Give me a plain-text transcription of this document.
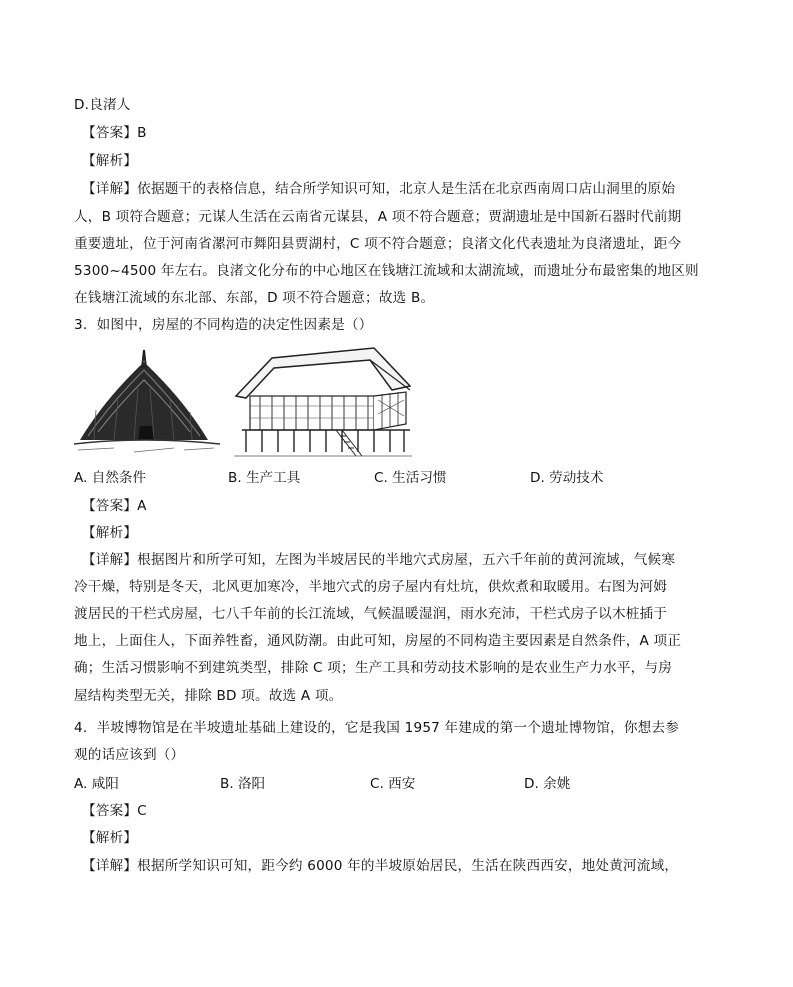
D.良渚人
【答案】B
【解析】
【详解】依据题干的表格信息，结合所学知识可知，北京人是生活在北京西南周口店山洞里的原始
人，B 项符合题意；元谋人生活在云南省元谋县，A 项不符合题意；贾湖遗址是中国新石器时代前期
重要遗址，位于河南省漯河市舞阳县贾湖村，C 项不符合题意；良渚文化代表遗址为良渚遗址，距今
5300~4500 年左右。良渚文化分布的中心地区在钱塘江流域和太湖流域，而遗址分布最密集的地区则
在钱塘江流域的东北部、东部，D 项不符合题意；故选 B。
3．如图中，房屋的不同构造的决定性因素是（）
A. 自然条件	B. 生产工具	C. 生活习惯	D. 劳动技术
【答案】A
【解析】
【详解】根据图片和所学可知，左图为半坡居民的半地穴式房屋，五六千年前的黄河流域，气候寒
冷干燥，特别是冬天，北风更加寒冷，半地穴式的房子屋内有灶坑，供炊煮和取暖用。右图为河姆
渡居民的干栏式房屋，七八千年前的长江流域，气候温暖湿润，雨水充沛，干栏式房子以木桩插于
地上，上面住人，下面养牲畜，通风防潮。由此可知，房屋的不同构造主要因素是自然条件，A 项正
确；生活习惯影响不到建筑类型，排除 C 项；生产工具和劳动技术影响的是农业生产力水平，与房
屋结构类型无关，排除 BD 项。故选 A 项。
4．半坡博物馆是在半坡遗址基础上建设的，它是我国 1957 年建成的第一个遗址博物馆，你想去参
观的话应该到（）
A. 咸阳	B. 洛阳	C. 西安	D. 余姚
【答案】C
【解析】
【详解】根据所学知识可知，距今约 6000 年的半坡原始居民，生活在陕西西安，地处黄河流域，
